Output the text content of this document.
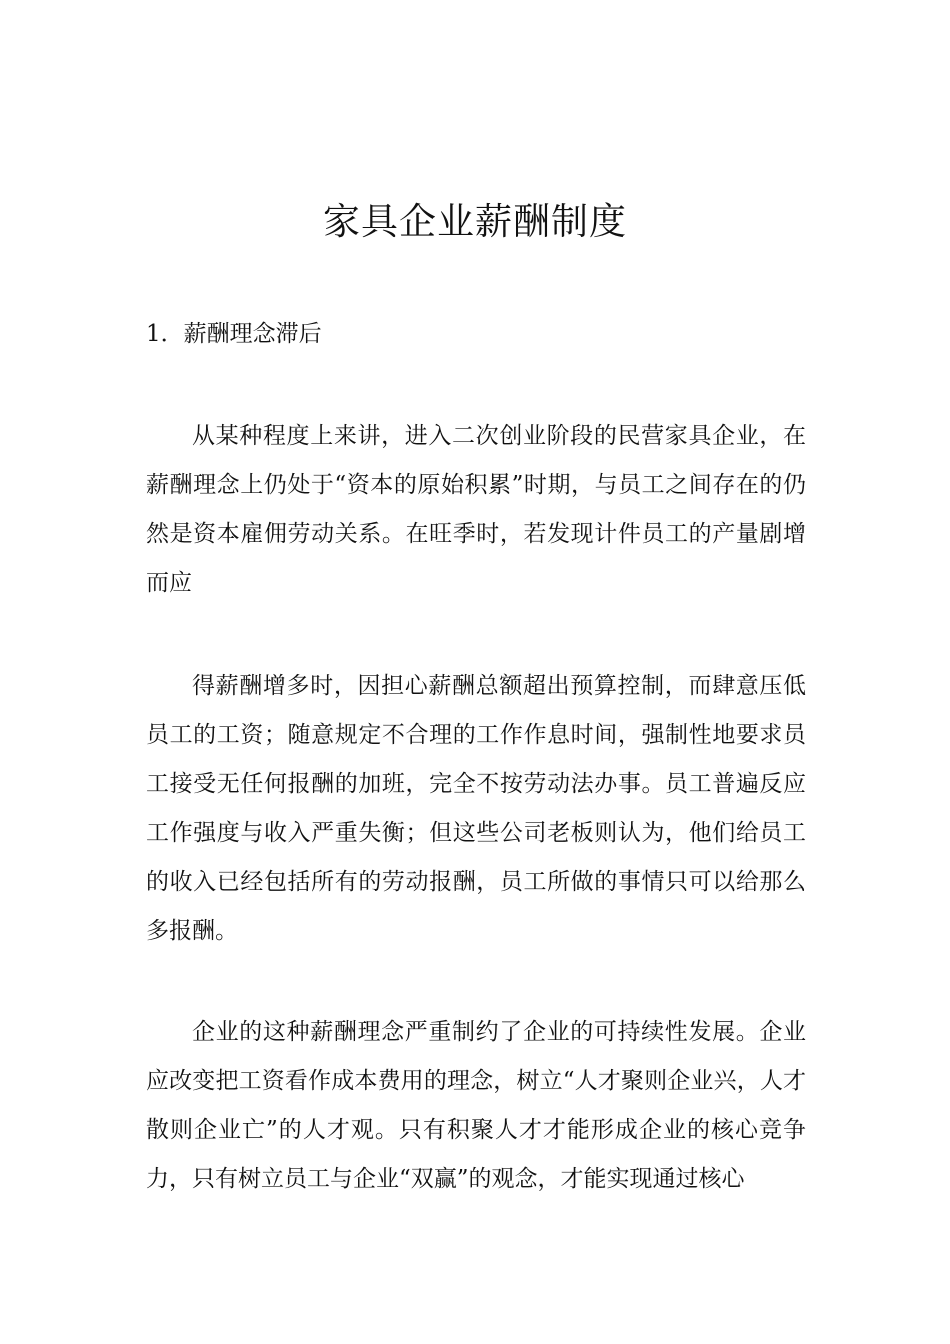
家具企业薪酬制度
1．薪酬理念滞后

从某种程度上来讲，进入二次创业阶段的民营家具企业，在薪酬理念上仍处于“资本的原始积累”时期，与员工之间存在的仍然是资本雇佣劳动关系。在旺季时，若发现计件员工的产量剧增而应

得薪酬增多时，因担心薪酬总额超出预算控制，而肆意压低员工的工资；随意规定不合理的工作作息时间，强制性地要求员工接受无任何报酬的加班，完全不按劳动法办事。员工普遍反应工作强度与收入严重失衡；但这些公司老板则认为，他们给员工的收入已经包括所有的劳动报酬，员工所做的事情只可以给那么多报酬。

企业的这种薪酬理念严重制约了企业的可持续性发展。企业应改变把工资看作成本费用的理念，树立“人才聚则企业兴，人才散则企业亡”的人才观。只有积聚人才才能形成企业的核心竞争力，只有树立员工与企业“双赢”的观念，才能实现通过核心
